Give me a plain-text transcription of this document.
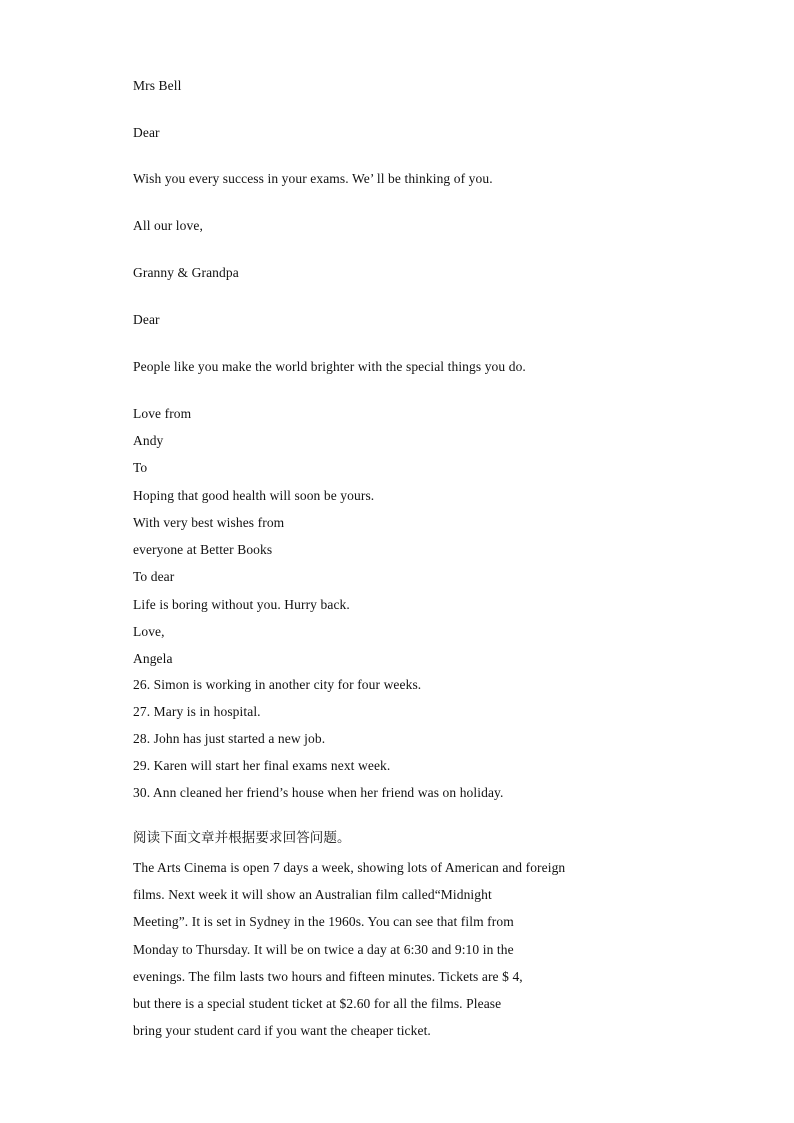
Mrs Bell
Dear
Wish you every success in your exams. We’ ll be thinking of you.
All our love,
Granny & Grandpa
Dear
People like you make the world brighter with the special things you do.
Love from
Andy
To
Hoping that good health will soon be yours.
With very best wishes from
everyone at Better Books
To dear
Life is boring without you. Hurry back.
Love,
Angela
26. Simon is working in another city for four weeks.
27. Mary is in hospital.
28. John has just started a new job.
29. Karen will start her final exams next week.
30. Ann cleaned her friend’s house when her friend was on holiday.
阅读下面文章并根据要求回答问题。
The Arts Cinema is open 7 days a week, showing lots of American and foreign
films. Next week it will show an Australian film called“Midnight
Meeting”. It is set in Sydney in the 1960s. You can see that film from
Monday to Thursday. It will be on twice a day at 6:30 and 9:10 in the
evenings. The film lasts two hours and fifteen minutes. Tickets are $ 4,
but there is a special student ticket at $2.60 for all the films. Please
bring your student card if you want the cheaper ticket.
